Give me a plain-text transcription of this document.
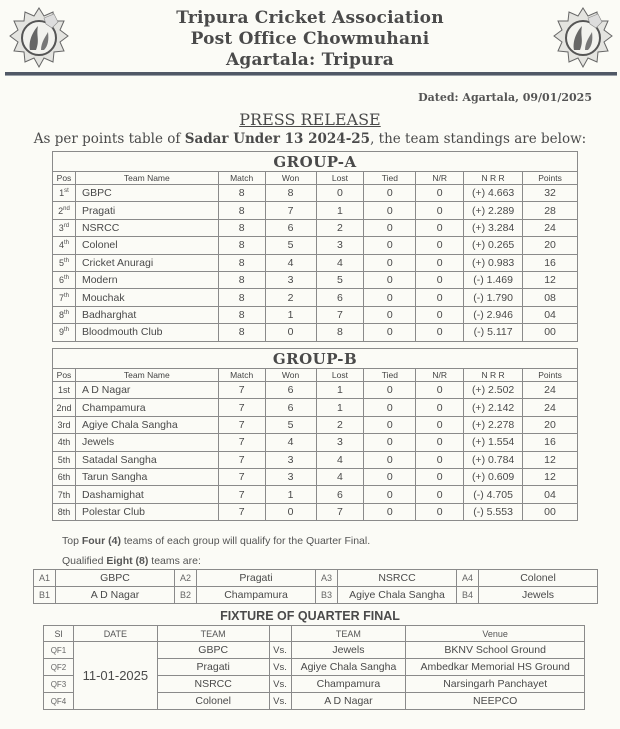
Tripura Cricket Association
Post Office Chowmuhani
Agartala: Tripura
Dated: Agartala, 09/01/2025
PRESS RELEASE
As per points table of Sadar Under 13 2024-25, the team standings are below:
GROUP-A								
Pos	Team Name	Match	Won	Lost	Tied	N/R	N R R	Points
1st	GBPC	8	8	0	0	0	(+) 4.663	32
2nd	Pragati	8	7	1	0	0	(+) 2.289	28
3rd	NSRCC	8	6	2	0	0	(+) 3.284	24
4th	Colonel	8	5	3	0	0	(+) 0.265	20
5th	Cricket Anuragi	8	4	4	0	0	(+) 0.983	16
6th	Modern	8	3	5	0	0	(-) 1.469	12
7th	Mouchak	8	2	6	0	0	(-) 1.790	08
8th	Badharghat	8	1	7	0	0	(-) 2.946	04
9th	Bloodmouth Club	8	0	8	0	0	(-) 5.117	00
GROUP-B								
Pos	Team Name	Match	Won	Lost	Tied	N/R	N R R	Points
1st	A D Nagar	7	6	1	0	0	(+) 2.502	24
2nd	Champamura	7	6	1	0	0	(+) 2.142	24
3rd	Agiye Chala Sangha	7	5	2	0	0	(+) 2.278	20
4th	Jewels	7	4	3	0	0	(+) 1.554	16
5th	Satadal Sangha	7	3	4	0	0	(+) 0.784	12
6th	Tarun Sangha	7	3	4	0	0	(+) 0.609	12
7th	Dashamighat	7	1	6	0	0	(-) 4.705	04
8th	Polestar Club	7	0	7	0	0	(-) 5.553	00
Top Four (4) teams of each group will qualify for the Quarter Final.
Qualified Eight (8) teams are:
A1	GBPC	A2	Pragati	A3	NSRCC	A4	Colonel
B1	A D Nagar	B2	Champamura	B3	Agiye Chala Sangha	B4	Jewels
FIXTURE OF QUARTER FINAL
Sl	DATE	TEAM		TEAM	Venue
QF1	11-01-2025	GBPC	Vs.	Jewels	BKNV School Ground
QF2		Pragati	Vs.	Agiye Chala Sangha	Ambedkar Memorial HS Ground
QF3		NSRCC	Vs.	Champamura	Narsingarh Panchayet
QF4		Colonel	Vs.	A D Nagar	NEEPCO
